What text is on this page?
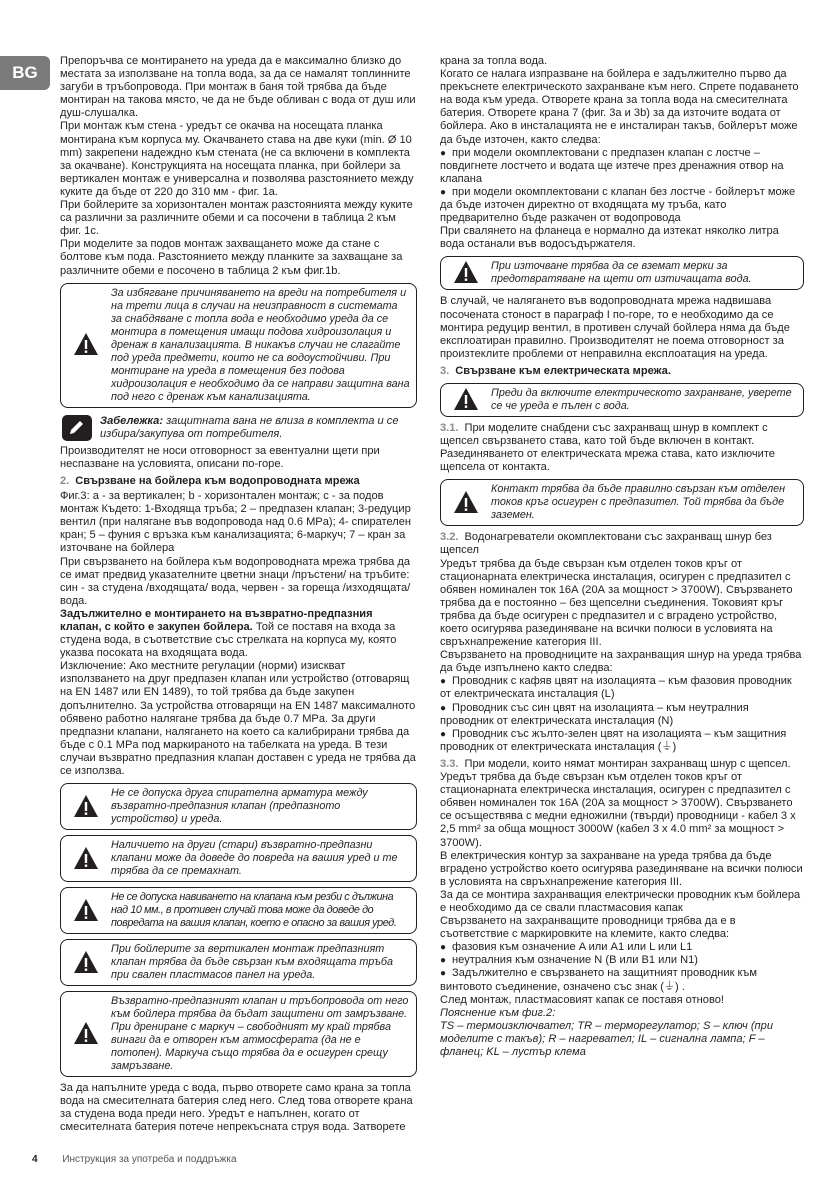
BG

Препоръчва се монтирането на уреда да е максимално близко до местата за използване на топла вода, за да се намалят топлинните загуби в тръбопровода. При монтаж в баня той трябва да бъде монтиран на такова място, че да не бъде обливан с вода от душ или душ-слушалка.

При монтаж към стена - уредът се окачва на носещата планка монтирана към корпуса му. Окачването става на две куки (min. Ø 10 mm) закрепени надеждно към стената (не са включени в комплекта за окачване). Конструкцията на носещата планка, при бойлери за вертикален монтаж е универсална и позволява разстоянието между куките да бъде от 220 до 310 мм - фиг. 1а.

При бойлерите за хоризонтален монтаж разстоянията между куките са различни за различните обеми и са посочени в таблица 2 към фиг. 1с.

При моделите за подов монтаж захващането може да стане с болтове към пода. Разстоянието между планките за захващане за различните обеми е посочено в таблица 2 към фиг.1b.

За избягване причиняването на вреди на потребителя и на трети лица в случаи на неизправност в системата за снабдяване с топла вода е необходимо уреда да се монтира в помещения имащи подова хидроизолация и дренаж в канализацията. В никакъв случаи не слагайте под уреда предмети, които не са водоустойчиви. При монтиране на уреда в помещения без подова хидроизолация е необходимо да се направи защитна вана под него с дренаж към канализацията.
Забележка: защитната вана не влиза в комплекта и се избира/закупува от потребителя.

Производителят не носи отговорност за евентуални щети при неспазване на условията, описани по-горе.

2. Свързване на бойлера към водопроводната мрежа

Фиг.3: a - за вертикален; b - хоризонтален монтаж; c - за подов монтаж Където: 1-Входяща тръба; 2 – предпазен клапан; 3-редуцир вентил (при налягане във водопровода над 0.6 MPa); 4- спирателен кран; 5 – фуния с връзка към канализацията; 6-маркуч; 7 – кран за източване на бойлера

При свързването на бойлера към водопроводната мрежа трябва да се имат предвид указателните цветни знаци /пръстени/ на тръбите: син - за студена /входящата/ вода, червен - за гореща /изходящата/ вода.

Задължително е монтирането на възвратно-предпазния клапан, с който е закупен бойлера. Той се поставя на входа за студена вода, в съответствие със стрелката на корпуса му, която указва посоката на входящата вода.

Изключение: Ако местните регулации (норми) изискват използването на друг предпазен клапан или устройство (отговарящ на EN 1487 или EN 1489), то той трябва да бъде закупен допълнително. За устройства отговарящи на EN 1487 максималното обявено работно налягане трябва да бъде 0.7 MPa. За други предпазни клапани, налягането на което са калибрирани трябва да бъде с 0.1 MPa под маркираното на табелката на уреда. В тези случаи възвратно предпазния клапан доставен с уреда не трябва да се използва.

Не се допуска друга спирателна арматура между възвратно-предпазния клапан (предпазното устройство) и уреда.
Наличието на други (стари) възвратно-предпазни клапани може да доведе до повреда на вашия уред и те трябва да се премахнат.
Не се допуска навиването на клапана към резби с дължина над 10 мм., в противен случай това може да доведе до повредата на вашия клапан, което е опасно за вашия уред.
При бойлерите за вертикален монтаж предпазният клапан трябва да бъде свързан към входящата тръба при свален пластмасов панел на уреда.
Възвратно-предпазният клапан и тръбопровода от него към бойлера трябва да бъдат защитени от замръзване. При дрениране с маркуч – свободният му край трябва винаги да е отворен към атмосферата (да не е потопен). Маркуча също трябва да е осигурен срещу замръзване.

За да напълните уреда с вода, първо отворете само крана за топла вода на смесителната батерия след него. След това отворете крана за студена вода преди него. Уредът е напълнен, когато от смесителната батерия потече непрекъсната струя вода. Затворете

крана за топла вода.

Когато се налага изпразване на бойлера е задължително първо да прекъснете електрическото захранване към него. Спрете подаването на вода към уреда. Отворете крана за топла вода на смесителната батерия. Отворете крана 7 (фиг. 3а и 3b) за да източите водата от бойлера. Ако в инсталацията не е инсталиран такъв, бойлерът може да бъде източен, както следва:

● при модели окомплектовани с предпазен клапан с лостче – повдигнете лостчето и водата ще изтече през дренажния отвор на клапана

● при модели окомплектовани с клапан без лостче - бойлерът може да бъде източен директно от входящата му тръба, като предварително бъде разкачен от водопровода

При свалянето на фланеца е нормално да изтекат няколко литра вода останали във водосъдържателя.

При източване трябва да се вземат мерки за предотвратяване на щети от изтичащата вода.

В случай, че налягането във водопроводната мрежа надвишава посочената стоност в параграф I по-горе, то е необходимо да се монтира редуцир вентил, в противен случай бойлера няма да бъде експлоатиран правилно. Производителят не поема отговорност за произтеклите проблеми от неправилна експлоатация на уреда.

3. Свързване към електрическата мрежа.

Преди да включите електрическото захранване, уверете се че уреда е пълен с вода.

3.1. При моделите снабдени със захранващ шнур в комплект с щепсел свързването става, като той бъде включен в контакт. Разединяването от електрическата мрежа става, като изключите щепсела от контакта.

Контакт трябва да бъде правилно свързан към отделен токов кръг осигурен с предпазител. Той трябва да бъде заземен.

3.2. Водонагреватели окомплектовани със захранващ шнур без щепсел

Уредът трябва да бъде свързан към отделен токов кръг от стационарната електрическа инсталация, осигурен с предпазител с обявен номинален ток 16А (20А за мощност > 3700W). Свързването трябва да е постоянно – без щепселни съединения. Токовият кръг трябва да бъде осигурен с предпазител и с вградено устройство, което осигурява разединяване на всички полюси в условията на свръхнапрежение категория III.

Свързването на проводниците на захранващия шнур на уреда трябва да бъде изпълнено както следва:

● Проводник с кафяв цвят на изолацията – към фазовия проводник от електрическата инсталация (L)

● Проводник със син цвят на изолацията – към неутралния проводник от електрическата инсталация (N)

● Проводник със жълто-зелен цвят на изолацията – към защитния проводник от електрическата инсталация (⏚)

3.3. При модели, които нямат монтиран захранващ шнур с щепсел. Уредът трябва да бъде свързан към отделен токов кръг от стационарната електрическа инсталация, осигурен с предпазител с обявен номинален ток 16А (20А за мощност > 3700W). Свързването се осъществява с медни едножилни (твърди) проводници - кабел 3 х 2,5 mm² за обща мощност 3000W (кабел 3 х 4.0 mm² за мощност > 3700W).

В електрическия контур за захранване на уреда трябва да бъде вградено устройство което осигурява разединяване на всички полюси в условията на свръхнапрежение категория III.

За да се монтира захранващия електрически проводник към бойлера е необходимо да се свали пластмасовия капак

Свързването на захранващите проводници трябва да е в съответствие с маркировките на клемите, както следва:

● фазовия към означение A или A1 или L или L1

● неутралния към означение N (B или B1 или N1)

● Задължително е свързването на защитният проводник към винтовото съединение, означено със знак (⏚) .

След монтаж, пластмасовият капак се поставя отново!

Пояснение към фиг.2:

TS – термоизключвател; TR – терморегулатор; S – ключ (при моделите с такъв); R – нагревател; IL – сигнална лампа; F – фланец; KL – лустър клема

4 Инструкция за употреба и поддръжка
